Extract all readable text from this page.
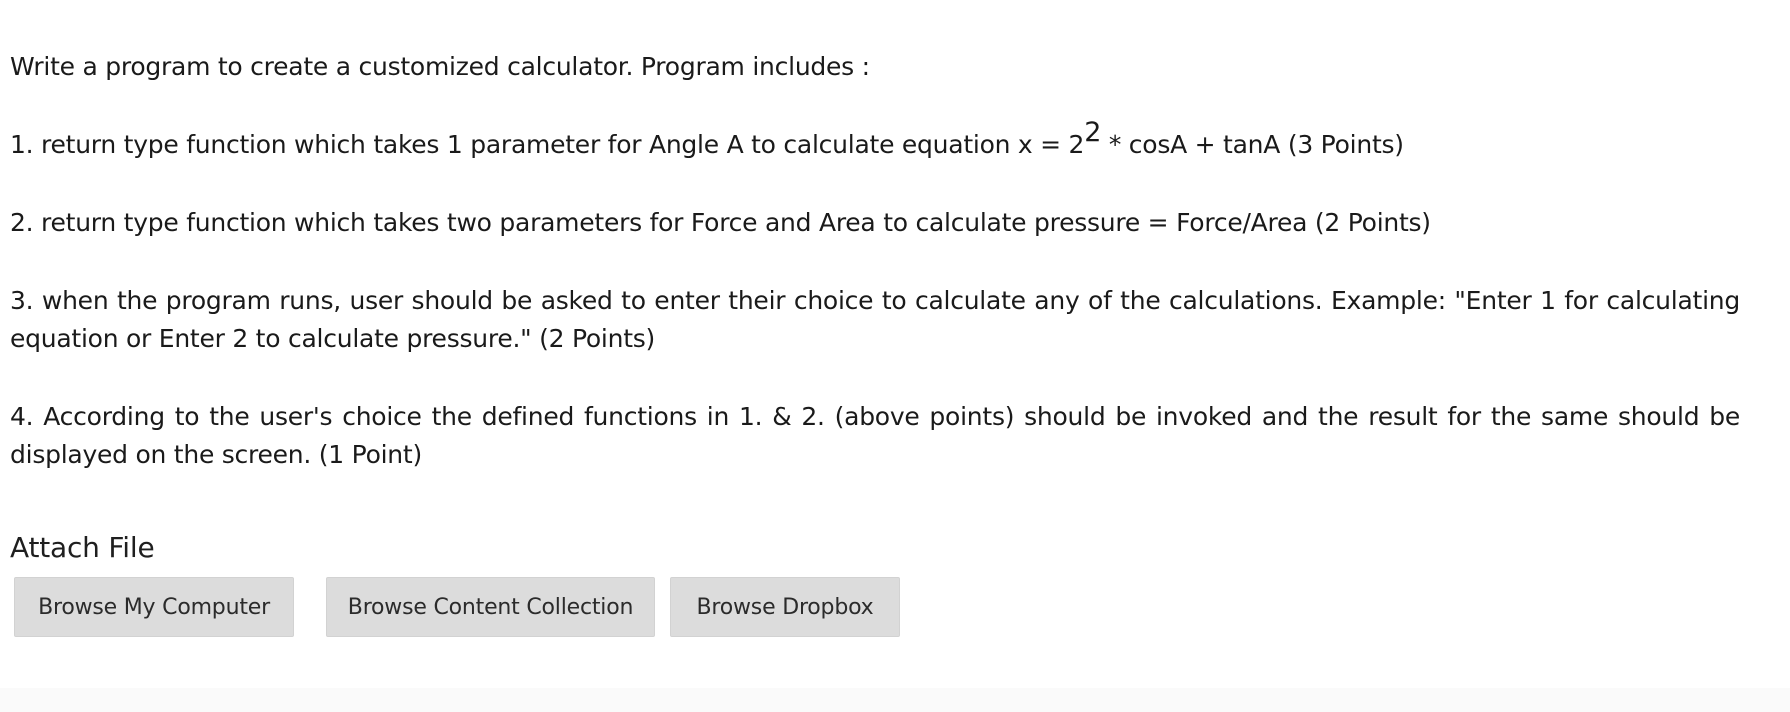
Write a program to create a customized calculator. Program includes :

1. return type function which takes 1 parameter for Angle A to calculate equation $x = 2^2 * \cos A + \tan A$ (3 Points)

2. return type function which takes two parameters for Force and Area to calculate pressure = Force/Area (2 Points)

3. when the program runs, user should be asked to enter their choice to calculate any of the calculations. Example: "Enter 1 for calculating equation or Enter 2 to calculate pressure." (2 Points)

4. According to the user's choice the defined functions in 1. & 2. (above points) should be invoked and the result for the same should be displayed on the screen. (1 Point)

Attach File
Browse My Computer	Browse Content Collection	Browse Dropbox
